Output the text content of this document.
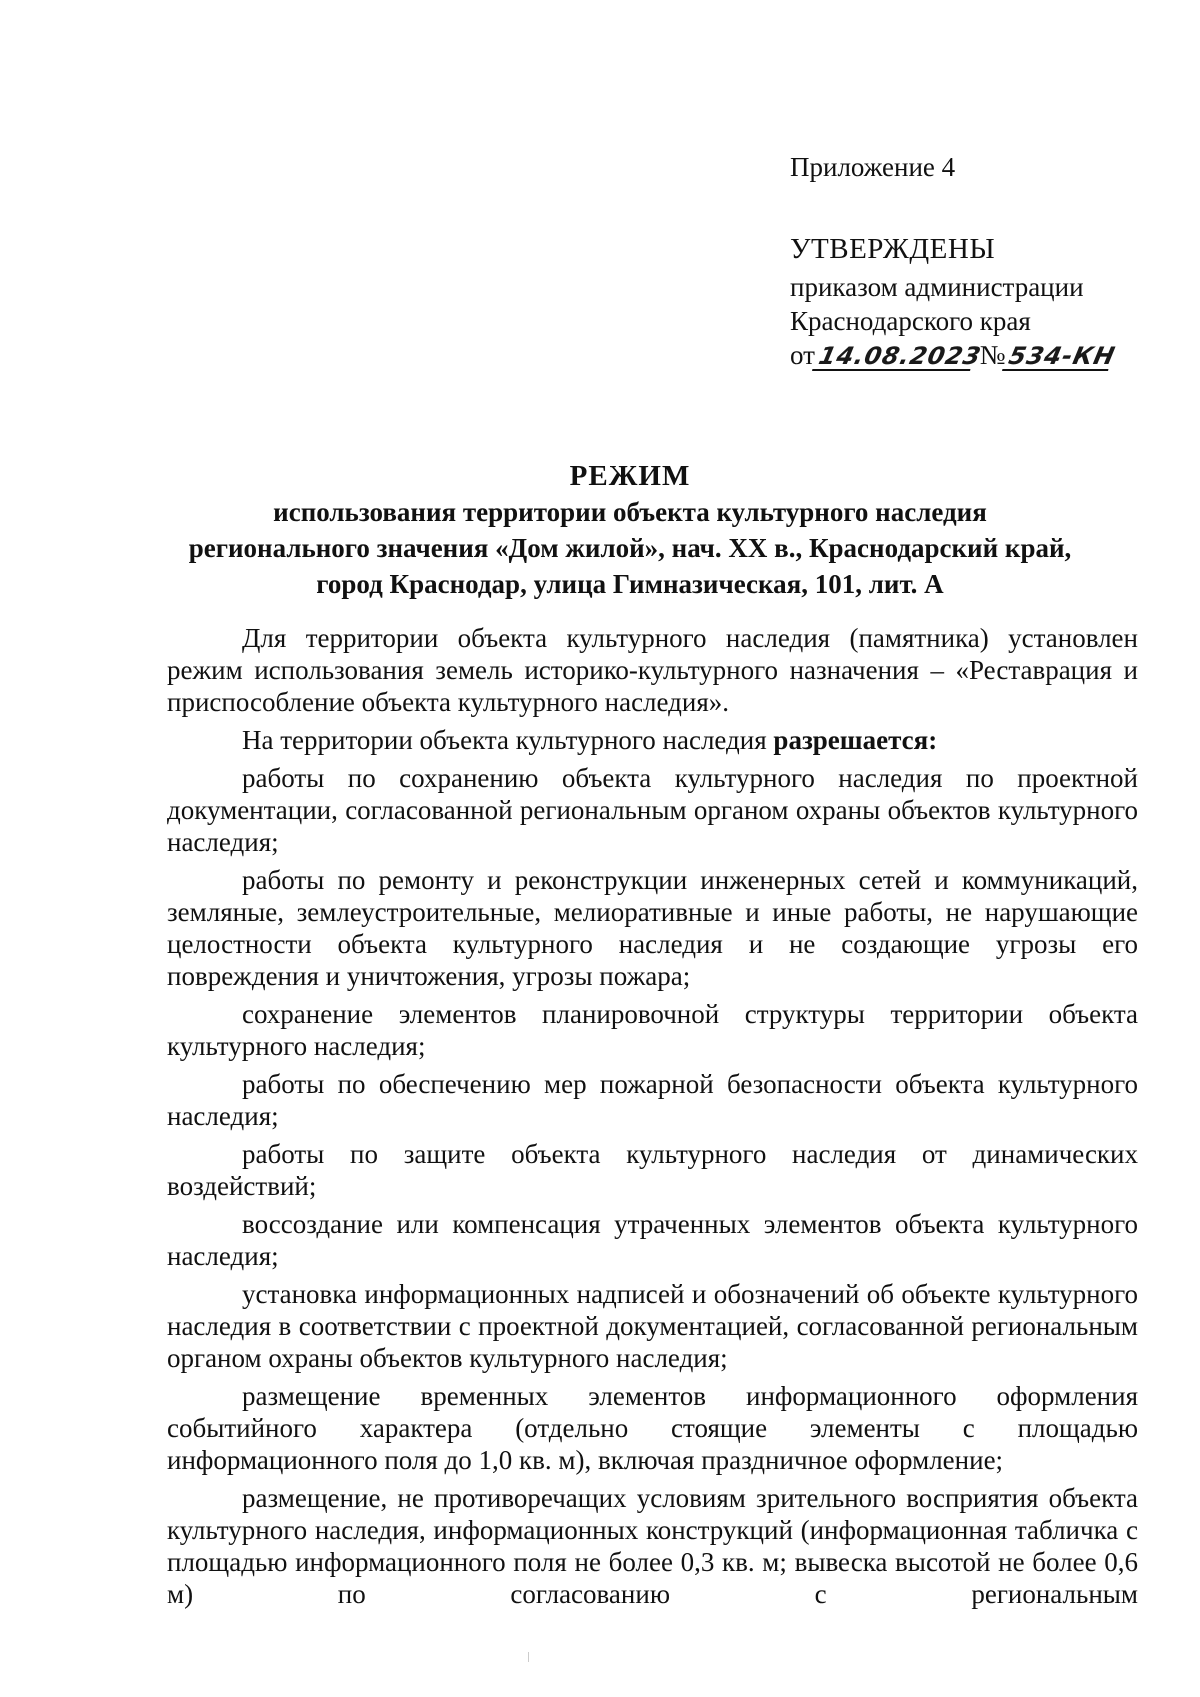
Приложение 4
УТВЕРЖДЕНЫ
приказом администрации
Краснодарского края
от14.08.2023 №534-КН
РЕЖИМ
использования территории объекта культурного наследия
регионального значения «Дом жилой», нач. XX в., Краснодарский край,
город Краснодар, улица Гимназическая, 101, лит. А

Для территории объекта культурного наследия (памятника) установлен режим использования земель историко-культурного назначения – «Реставрация и приспособление объекта культурного наследия».

На территории объекта культурного наследия разрешается:

работы по сохранению объекта культурного наследия по проектной документации, согласованной региональным органом охраны объектов культурного наследия;

работы по ремонту и реконструкции инженерных сетей и коммуникаций, земляные, землеустроительные, мелиоративные и иные работы, не нарушающие целостности объекта культурного наследия и не создающие угрозы его повреждения и уничтожения, угрозы пожара;

сохранение элементов планировочной структуры территории объекта культурного наследия;

работы по обеспечению мер пожарной безопасности объекта культурного наследия;

работы по защите объекта культурного наследия от динамических воздействий;

воссоздание или компенсация утраченных элементов объекта культурного наследия;

установка информационных надписей и обозначений об объекте культурного наследия в соответствии с проектной документацией, согласованной региональным органом охраны объектов культурного наследия;

размещение временных элементов информационного оформления событийного характера (отдельно стоящие элементы с площадью информационного поля до 1,0 кв. м), включая праздничное оформление;

размещение, не противоречащих условиям зрительного восприятия объекта культурного наследия, информационных конструкций (информационная табличка с площадью информационного поля не более 0,3 кв. м; вывеска высотой не более 0,6 м) по согласованию с региональным
